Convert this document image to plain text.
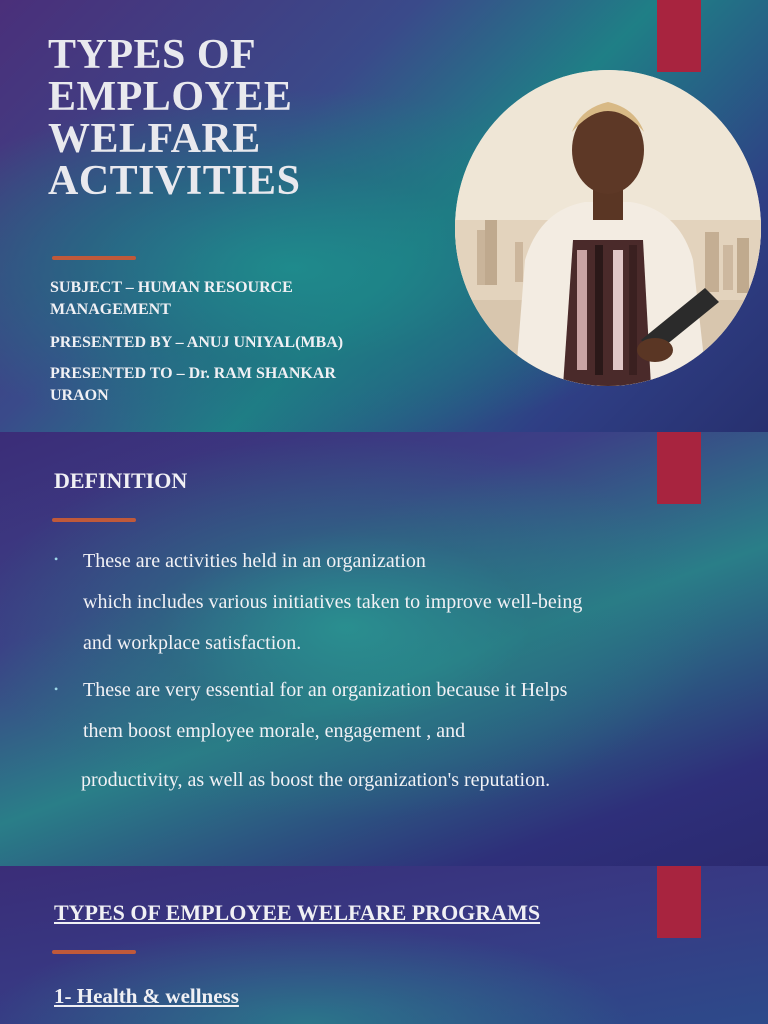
TYPES OF
EMPLOYEE
WELFARE
ACTIVITIES
SUBJECT – HUMAN RESOURCE
MANAGEMENT
PRESENTED BY – ANUJ UNIYAL(MBA)
PRESENTED TO – Dr. RAM SHANKAR
URAON
DEFINITION
• These are activities held in an organization
which includes various initiatives taken to improve well-being
and workplace satisfaction.
• These are very essential for an organization because it Helps
them boost employee morale, engagement , and
productivity, as well as boost the organization's reputation.
TYPES OF EMPLOYEE WELFARE PROGRAMS
1- Health & wellness
